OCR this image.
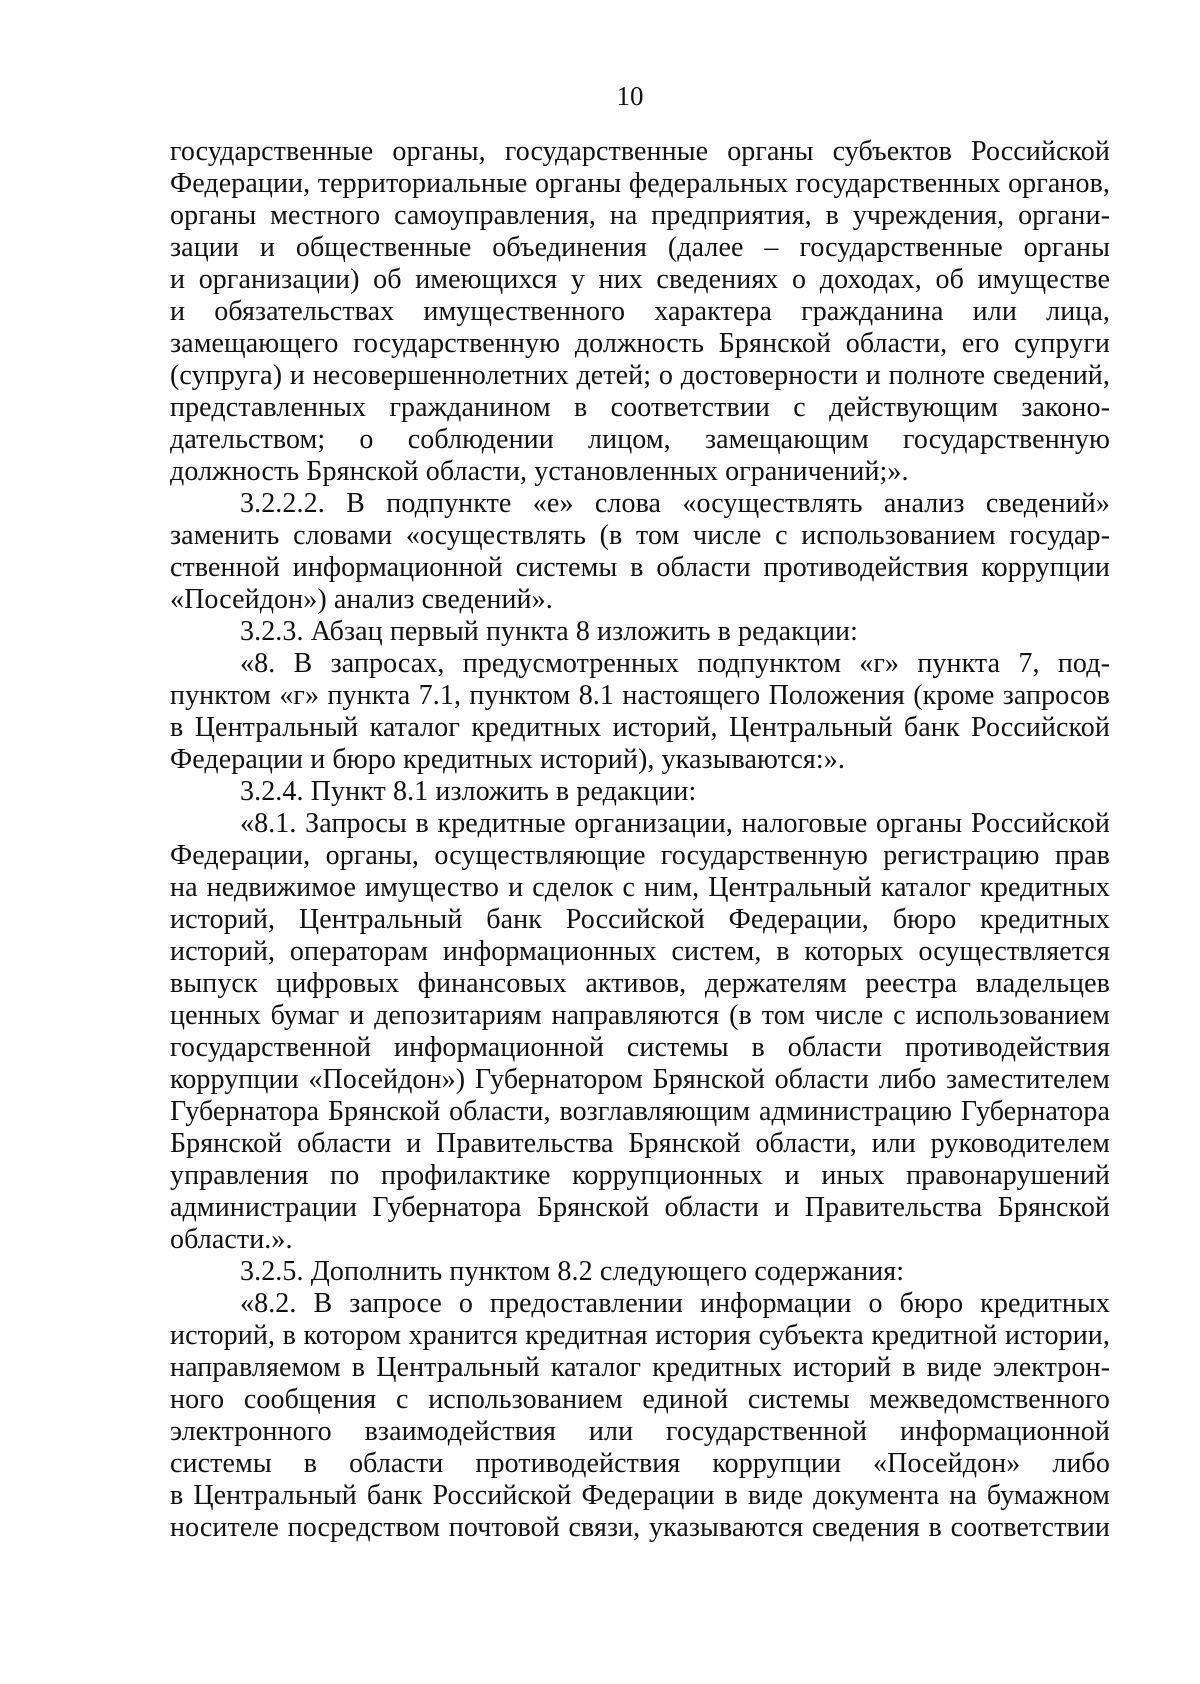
10
государственные органы, государственные органы субъектов Российской
Федерации, территориальные органы федеральных государственных органов,
органы местного самоуправления, на предприятия, в учреждения, органи-
зации и общественные объединения (далее – государственные органы
и организации) об имеющихся у них сведениях о доходах, об имуществе
и обязательствах имущественного характера гражданина или лица,
замещающего государственную должность Брянской области, его супруги
(супруга) и несовершеннолетних детей; о достоверности и полноте сведений,
представленных гражданином в соответствии с действующим законо-
дательством; о соблюдении лицом, замещающим государственную
должность Брянской области, установленных ограничений;».
3.2.2.2. В подпункте «е» слова «осуществлять анализ сведений»
заменить словами «осуществлять (в том числе с использованием государ-
ственной информационной системы в области противодействия коррупции
«Посейдон») анализ сведений».
3.2.3. Абзац первый пункта 8 изложить в редакции:
«8. В запросах, предусмотренных подпунктом «г» пункта 7, под-
пунктом «г» пункта 7.1, пунктом 8.1 настоящего Положения (кроме запросов
в Центральный каталог кредитных историй, Центральный банк Российской
Федерации и бюро кредитных историй), указываются:».
3.2.4. Пункт 8.1 изложить в редакции:
«8.1. Запросы в кредитные организации, налоговые органы Российской
Федерации, органы, осуществляющие государственную регистрацию прав
на недвижимое имущество и сделок с ним, Центральный каталог кредитных
историй, Центральный банк Российской Федерации, бюро кредитных
историй, операторам информационных систем, в которых осуществляется
выпуск цифровых финансовых активов, держателям реестра владельцев
ценных бумаг и депозитариям направляются (в том числе с использованием
государственной информационной системы в области противодействия
коррупции «Посейдон») Губернатором Брянской области либо заместителем
Губернатора Брянской области, возглавляющим администрацию Губернатора
Брянской области и Правительства Брянской области, или руководителем
управления по профилактике коррупционных и иных правонарушений
администрации Губернатора Брянской области и Правительства Брянской
области.».
3.2.5. Дополнить пунктом 8.2 следующего содержания:
«8.2. В запросе о предоставлении информации о бюро кредитных
историй, в котором хранится кредитная история субъекта кредитной истории,
направляемом в Центральный каталог кредитных историй в виде электрон-
ного сообщения с использованием единой системы межведомственного
электронного взаимодействия или государственной информационной
системы в области противодействия коррупции «Посейдон» либо
в Центральный банк Российской Федерации в виде документа на бумажном
носителе посредством почтовой связи, указываются сведения в соответствии
